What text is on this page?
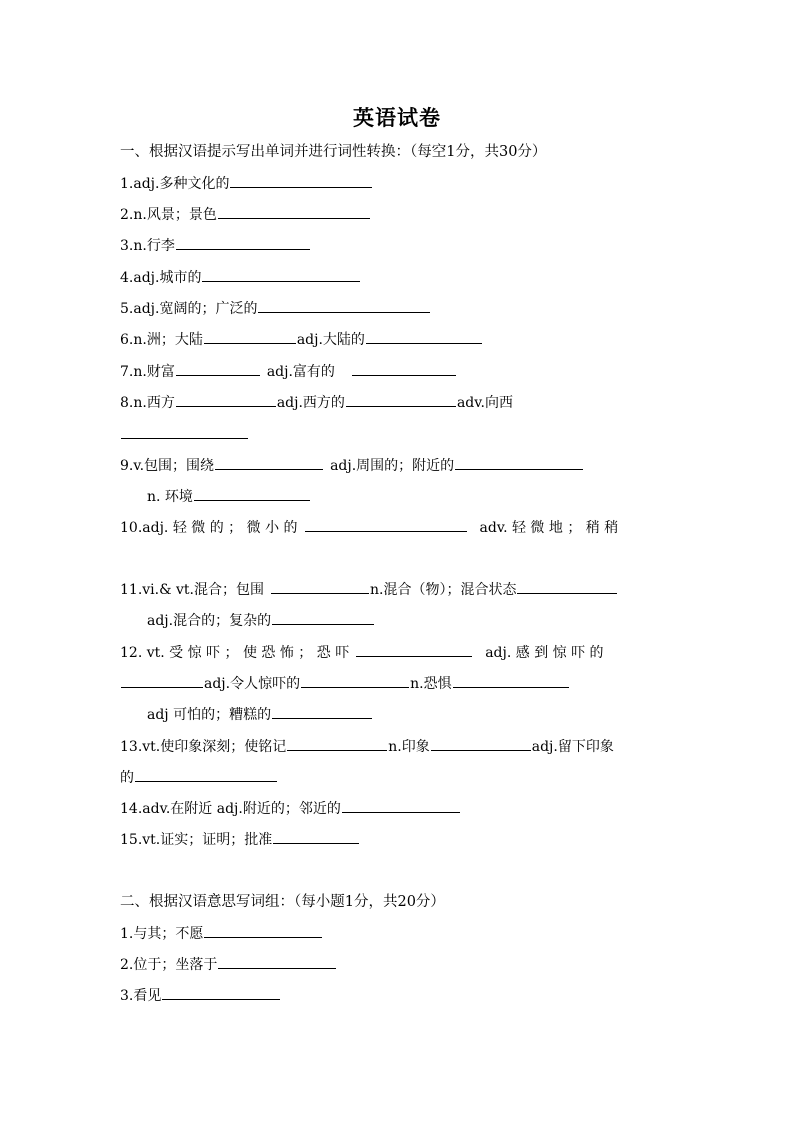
英语试卷
一、根据汉语提示写出单词并进行词性转换：（每空1分，共30分）
1.adj.多种文化的
2.n.风景；景色
3.n.行李
4.adj.城市的
5.adj.宽阔的；广泛的
6.n.洲；大陆	adj.大陆的
7.n.财富	adj.富有的
8.n.西方	adj.西方的	adv.向西
9.v.包围；围绕	adj.周围的；附近的
n. 环境
10.adj. 轻 微 的 ； 微 小 的	adv. 轻 微 地 ； 稍 稍
11.vi.& vt.混合；包围	n.混合（物）；混合状态
adj.混合的；复杂的
12. vt. 受 惊 吓 ； 使 恐 怖 ； 恐 吓	adj. 感 到 惊 吓 的
adj.令人惊吓的	n.恐惧
adj 可怕的；糟糕的
13.vt.使印象深刻；使铭记	n.印象	adj.留下印象
的
14.adv.在附近 adj.附近的；邻近的
15.vt.证实；证明；批准
二、根据汉语意思写词组：（每小题1分，共20分）
1.与其；不愿
2.位于；坐落于
3.看见
